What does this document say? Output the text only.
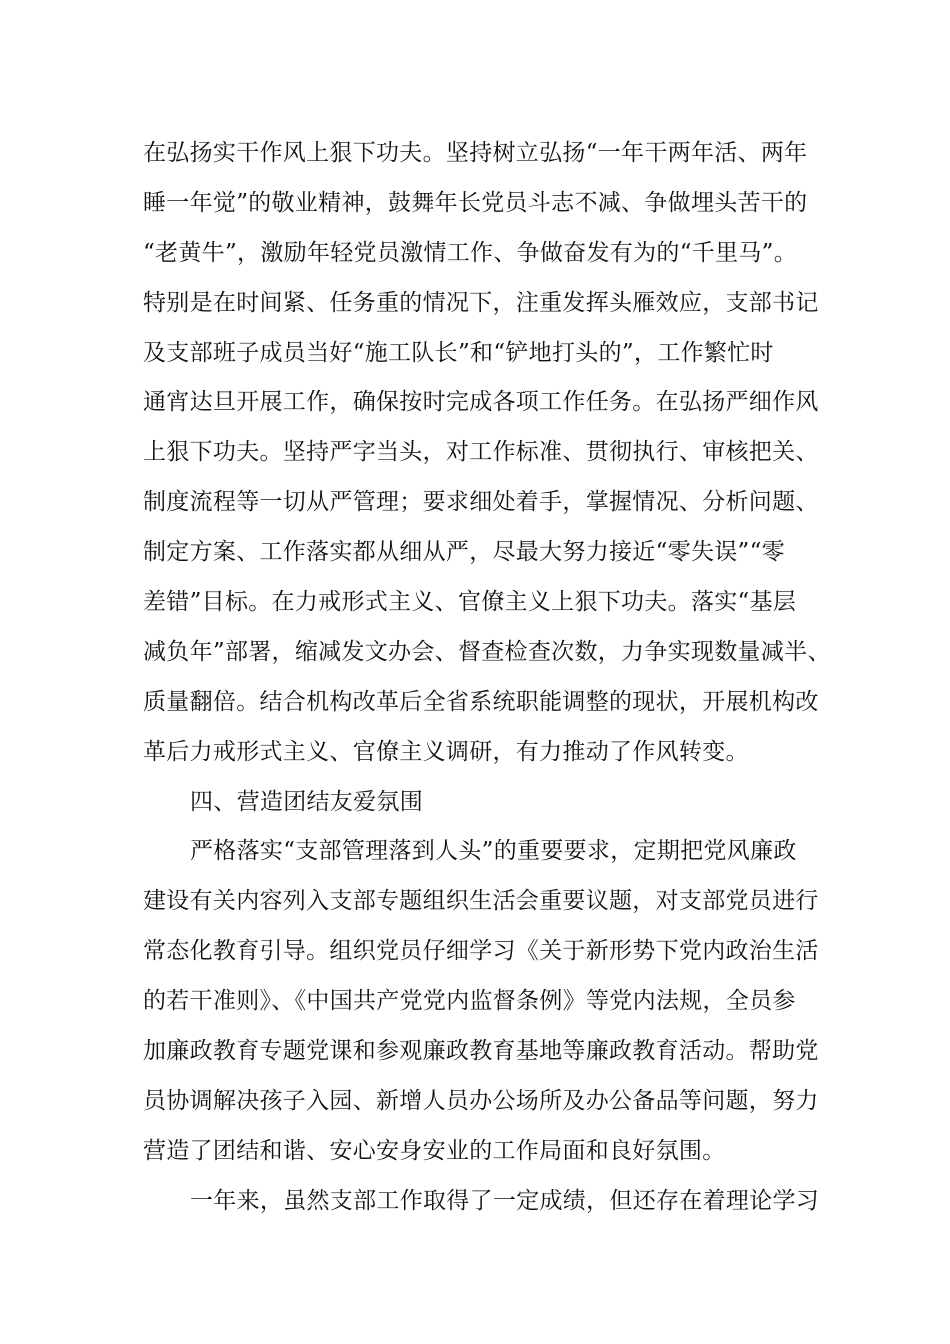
在弘扬实干作风上狠下功夫。坚持树立弘扬“一年干两年活、两年
睡一年觉”的敬业精神，鼓舞年长党员斗志不减、争做埋头苦干的
“老黄牛”，激励年轻党员激情工作、争做奋发有为的“千里马”。
特别是在时间紧、任务重的情况下，注重发挥头雁效应，支部书记
及支部班子成员当好“施工队长”和“铲地打头的”，工作繁忙时
通宵达旦开展工作，确保按时完成各项工作任务。在弘扬严细作风
上狠下功夫。坚持严字当头，对工作标准、贯彻执行、审核把关、
制度流程等一切从严管理；要求细处着手，掌握情况、分析问题、
制定方案、工作落实都从细从严，尽最大努力接近“零失误”“零
差错”目标。在力戒形式主义、官僚主义上狠下功夫。落实“基层
减负年”部署，缩减发文办会、督查检查次数，力争实现数量减半、
质量翻倍。结合机构改革后全省系统职能调整的现状，开展机构改
革后力戒形式主义、官僚主义调研，有力推动了作风转变。
四、营造团结友爱氛围
严格落实“支部管理落到人头”的重要要求，定期把党风廉政
建设有关内容列入支部专题组织生活会重要议题，对支部党员进行
常态化教育引导。组织党员仔细学习《关于新形势下党内政治生活
的若干准则》、《中国共产党党内监督条例》等党内法规，全员参
加廉政教育专题党课和参观廉政教育基地等廉政教育活动。帮助党
员协调解决孩子入园、新增人员办公场所及办公备品等问题，努力
营造了团结和谐、安心安身安业的工作局面和良好氛围。
一年来，虽然支部工作取得了一定成绩，但还存在着理论学习
